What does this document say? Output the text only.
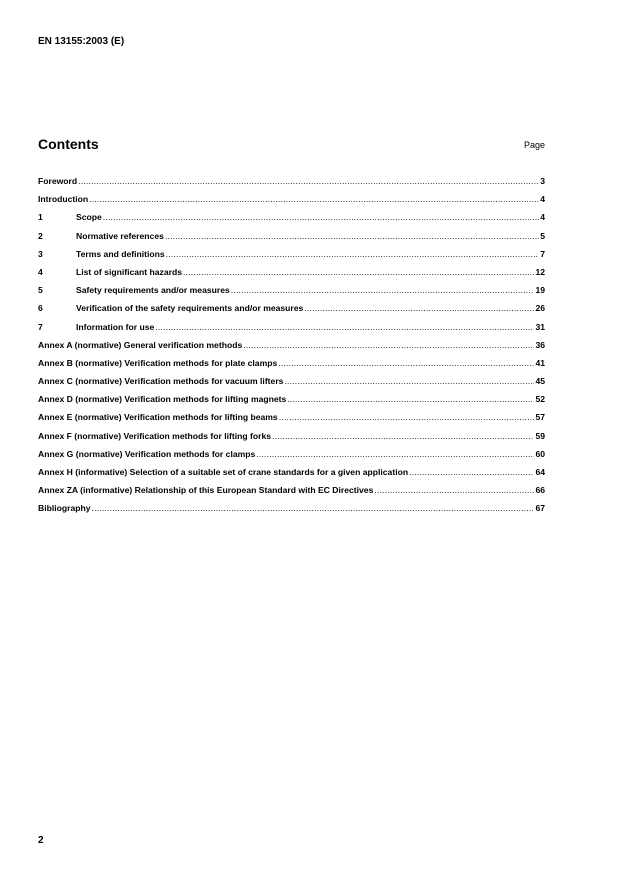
EN 13155:2003 (E)
Contents	Page
Foreword .....	3
Introduction .....	4
1	Scope .....	4
2	Normative references .....	5
3	Terms and definitions .....	7
4	List of significant hazards .....	12
5	Safety requirements and/or measures .....	19
6	Verification of the safety requirements and/or measures .....	26
7	Information for use .....	31
Annex A (normative) General verification methods .....	36
Annex B (normative) Verification methods for plate clamps .....	41
Annex C (normative) Verification methods for vacuum lifters .....	45
Annex D (normative) Verification methods for lifting magnets .....	52
Annex E (normative) Verification methods for lifting beams .....	57
Annex F (normative) Verification methods for lifting forks .....	59
Annex G (normative) Verification methods for clamps .....	60
Annex H (informative) Selection of a suitable set of crane standards for a given application .....	64
Annex ZA (informative) Relationship of this European Standard with EC Directives .....	66
Bibliography .....	67
2
